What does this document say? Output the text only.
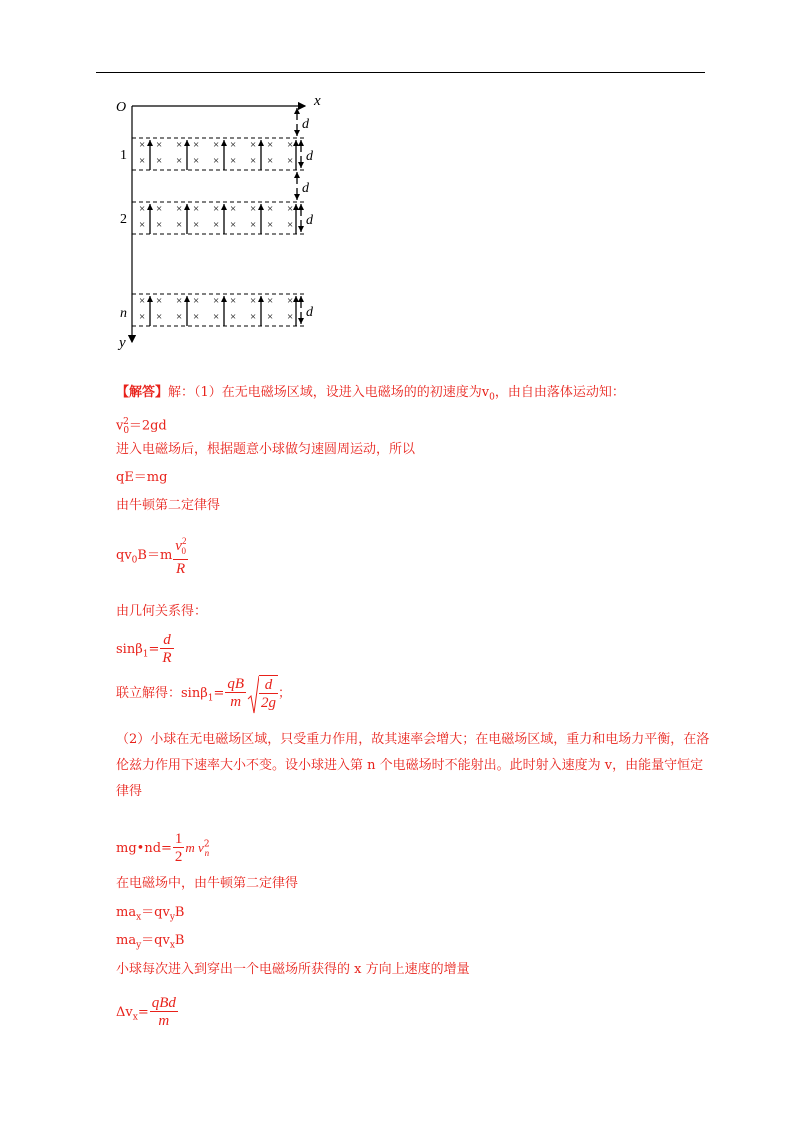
O	x
y
× × × × × × × × ×
× × × × × × × × × d
× × × × × × × × ×
× × × × × × × × × d
× × × × × × × × ×
× × × × × × × × × d
1
2
n
d
d
【解答】解：（1）在无电磁场区域，设进入电磁场的的初速度为$v_0$，由自由落体运动知：
$v_0^2=2gd$
进入电磁场后，根据题意小球做匀速圆周运动，所以
qE＝mg
由牛顿第二定律得
$qv_0B=m \frac{v^2_0}{R}$
由几何关系得：
$\sin\beta_1= \frac{d}{R}$
联立解得：$\sin\beta_1= \frac{qB}{m} \frac{d}{2g}$ ；
（2）小球在无电磁场区域，只受重力作用，故其速率会增大；在电磁场区域，重力和电场力平衡，在洛伦兹力作用下速率大小不变。设小球进入第 n 个电磁场时不能射出。此时射入速度为 v，由能量守恒定律得
mg•nd= $\frac{1}{2}$ m $v^2_n$
在电磁场中，由牛顿第二定律得
$ma_x=qv_yB$
$ma_y=qv_xB$
小球每次进入到穿出一个电磁场所获得的 x 方向上速度的增量
$\Delta v_x= \frac{\text{qBd}}{m}$
